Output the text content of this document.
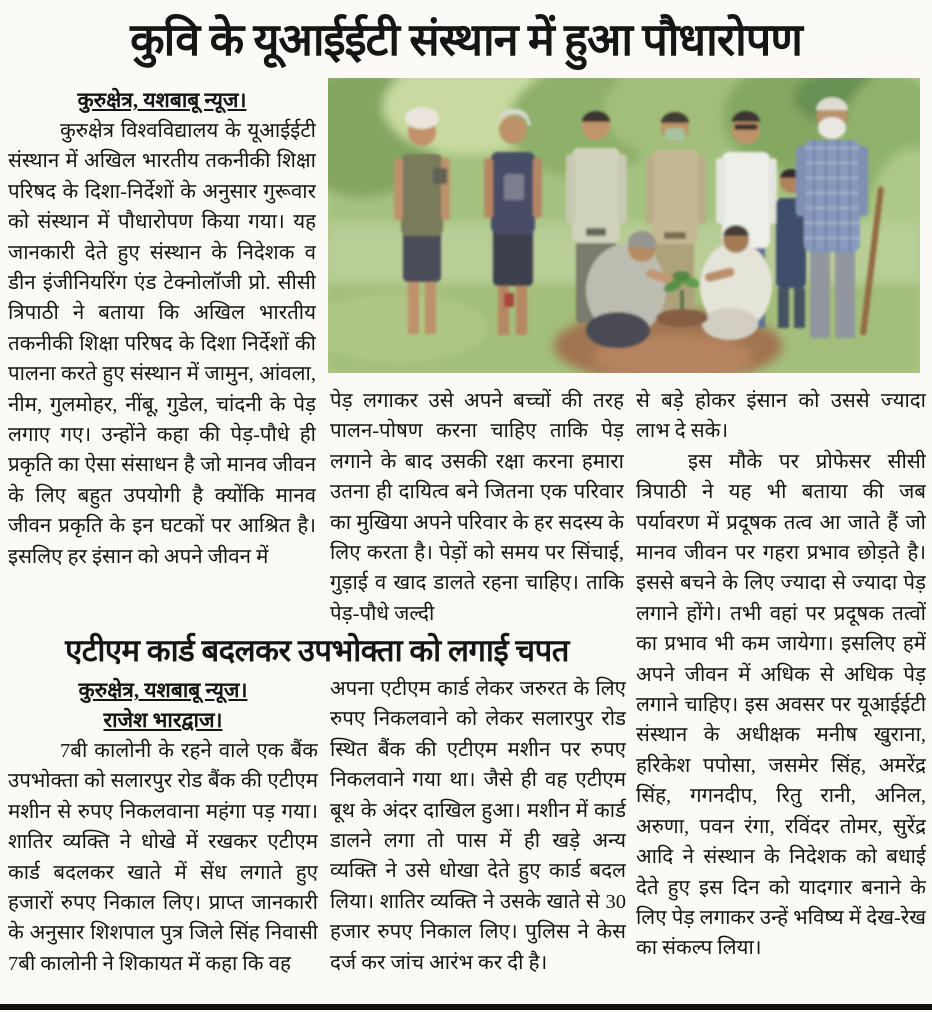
कुवि के यूआईईटी संस्थान में हुआ पौधारोपण

कुरुक्षेत्र, यशबाबू न्यूज।

कुरुक्षेत्र विश्वविद्यालय के यूआईईटी संस्थान में अखिल भारतीय तकनीकी शिक्षा परिषद के दिशा-निर्देशों के अनुसार गुरूवार को संस्थान में पौधारोपण किया गया। यह जानकारी देते हुए संस्थान के निदेशक व डीन इंजीनियरिंग एंड टेक्नोलॉजी प्रो. सीसी त्रिपाठी ने बताया कि अखिल भारतीय तकनीकी शिक्षा परिषद के दिशा निर्देशों की पालना करते हुए संस्थान में जामुन, आंवला, नीम, गुलमोहर, नींबू, गुडेल, चांदनी के पेड़ लगाए गए। उन्होंने कहा की पेड़-पौधे ही प्रकृति का ऐसा संसाधन है जो मानव जीवन के लिए बहुत उपयोगी है क्योंकि मानव जीवन प्रकृति के इन घटकों पर आश्रित है। इसलिए हर इंसान को अपने जीवन में

पेड़ लगाकर उसे अपने बच्चों की तरह पालन-पोषण करना चाहिए ताकि पेड़ लगाने के बाद उसकी रक्षा करना हमारा उतना ही दायित्व बने जितना एक परिवार का मुखिया अपने परिवार के हर सदस्य के लिए करता है। पेड़ों को समय पर सिंचाई, गुड़ाई व खाद डालते रहना चाहिए। ताकि पेड़-पौधे जल्दी

से बड़े होकर इंसान को उससे ज्यादा लाभ दे सके।

इस मौके पर प्रोफेसर सीसी त्रिपाठी ने यह भी बताया की जब पर्यावरण में प्रदूषक तत्व आ जाते हैं जो मानव जीवन पर गहरा प्रभाव छोड़ते है। इससे बचने के लिए ज्यादा से ज्यादा पेड़ लगाने होंगे। तभी वहां पर प्रदूषक तत्वों का प्रभाव भी कम जायेगा। इसलिए हमें अपने जीवन में अधिक से अधिक पेड़ लगाने चाहिए। इस अवसर पर यूआईईटी संस्थान के अधीक्षक मनीष खुराना, हरिकेश पपोसा, जसमेर सिंह, अमरेंद्र सिंह, गगनदीप, रितु रानी, अनिल, अरुणा, पवन रंगा, रविंदर तोमर, सुरेंद्र आदि ने संस्थान के निदेशक को बधाई देते हुए इस दिन को यादगार बनाने के लिए पेड़ लगाकर उन्हें भविष्य में देख-रेख का संकल्प लिया।

एटीएम कार्ड बदलकर उपभोक्ता को लगाई चपत

कुरुक्षेत्र, यशबाबू न्यूज।

राजेश भारद्वाज।

7बी कालोनी के रहने वाले एक बैंक उपभोक्ता को सलारपुर रोड बैंक की एटीएम मशीन से रुपए निकलवाना महंगा पड़ गया। शातिर व्यक्ति ने धोखे में रखकर एटीएम कार्ड बदलकर खाते में सेंध लगाते हुए हजारों रुपए निकाल लिए। प्राप्त जानकारी के अनुसार शिशपाल पुत्र जिले सिंह निवासी 7बी कालोनी ने शिकायत में कहा कि वह

अपना एटीएम कार्ड लेकर जरुरत के लिए रुपए निकलवाने को लेकर सलारपुर रोड स्थित बैंक की एटीएम मशीन पर रुपए निकलवाने गया था। जैसे ही वह एटीएम बूथ के अंदर दाखिल हुआ। मशीन में कार्ड डालने लगा तो पास में ही खड़े अन्य व्यक्ति ने उसे धोखा देते हुए कार्ड बदल लिया। शातिर व्यक्ति ने उसके खाते से 30 हजार रुपए निकाल लिए। पुलिस ने केस दर्ज कर जांच आरंभ कर दी है।
